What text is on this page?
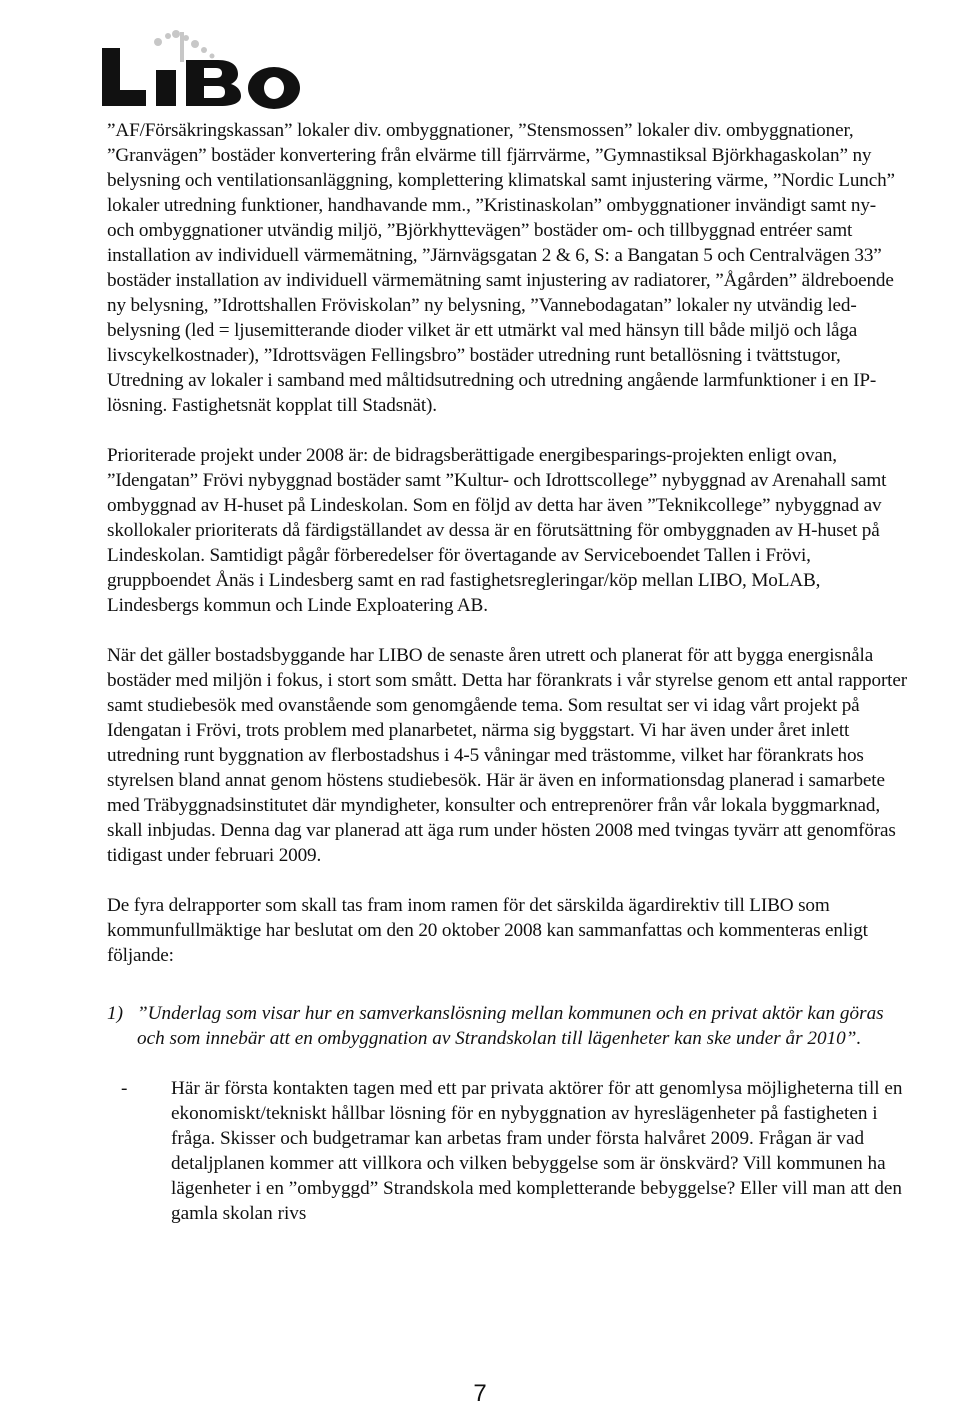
LIBO

”AF/Försäkringskassan” lokaler div. ombyggnationer, ”Stensmossen” lokaler div. ombyggnationer, ”Granvägen” bostäder konvertering från elvärme till fjärrvärme, ”Gymnastiksal Björkhagaskolan” ny belysning och ventilationsanläggning, komplettering klimatskal samt injustering värme, ”Nordic Lunch” lokaler utredning funktioner, handhavande mm., ”Kristinaskolan” ombyggnationer invändigt samt ny- och ombyggnationer utvändig miljö, ”Björkhyttevägen” bostäder om- och tillbyggnad entréer samt installation av individuell värmemätning, ”Järnvägsgatan 2 & 6, S: a Bangatan 5 och Centralvägen 33” bostäder installation av individuell värmemätning samt injustering av radiatorer, ”Ågården” äldreboende ny belysning, ”Idrottshallen Fröviskolan” ny belysning, ”Vannebodagatan” lokaler ny utvändig led-belysning (led = ljusemitterande dioder vilket är ett utmärkt val med hänsyn till både miljö och låga livscykelkostnader), ”Idrottsvägen Fellingsbro” bostäder utredning runt betallösning i tvättstugor, Utredning av lokaler i samband med måltidsutredning och utredning angående larmfunktioner i en IP-lösning. Fastighetsnät kopplat till Stadsnät).

Prioriterade projekt under 2008 är: de bidragsberättigade energibesparings-projekten enligt ovan, ”Idengatan” Frövi nybyggnad bostäder samt ”Kultur- och Idrottscollege” nybyggnad av Arenahall samt ombyggnad av H-huset på Lindeskolan. Som en följd av detta har även ”Teknikcollege” nybyggnad av skollokaler prioriterats då färdigställandet av dessa är en förutsättning för ombyggnaden av H-huset på Lindeskolan. Samtidigt pågår förberedelser för övertagande av Serviceboendet Tallen i Frövi, gruppboendet Ånäs i Lindesberg samt en rad fastighetsregleringar/köp mellan LIBO, MoLAB, Lindesbergs kommun och Linde Exploatering AB.

När det gäller bostadsbyggande har LIBO de senaste åren utrett och planerat för att bygga energisnåla bostäder med miljön i fokus, i stort som smått. Detta har förankrats i vår styrelse genom ett antal rapporter samt studiebesök med ovanstående som genomgående tema. Som resultat ser vi idag vårt projekt på Idengatan i Frövi, trots problem med planarbetet, närma sig byggstart. Vi har även under året inlett utredning runt byggnation av flerbostadshus i 4-5 våningar med trästomme, vilket har förankrats hos styrelsen bland annat genom höstens studiebesök. Här är även en informationsdag planerad i samarbete med Träbyggnadsinstitutet där myndigheter, konsulter och entreprenörer från vår lokala byggmarknad, skall inbjudas. Denna dag var planerad att äga rum under hösten 2008 med tvingas tyvärr att genomföras tidigast under februari 2009.

De fyra delrapporter som skall tas fram inom ramen för det särskilda ägardirektiv till LIBO som kommunfullmäktige har beslutat om den 20 oktober 2008 kan sammanfattas och kommenteras enligt följande:

1) ”Underlag som visar hur en samverkanslösning mellan kommunen och en privat aktör kan göras och som innebär att en ombyggnation av Strandskolan till lägenheter kan ske under år 2010”.
-	Här är första kontakten tagen med ett par privata aktörer för att genomlysa möjligheterna till en ekonomiskt/tekniskt hållbar lösning för en nybyggnation av hyreslägenheter på fastigheten i fråga. Skisser och budgetramar kan arbetas fram under första halvåret 2009. Frågan är vad detaljplanen kommer att villkora och vilken bebyggelse som är önskvärd? Vill kommunen ha lägenheter i en ”ombyggd” Strandskola med kompletterande bebyggelse? Eller vill man att den gamla skolan rivs
7
